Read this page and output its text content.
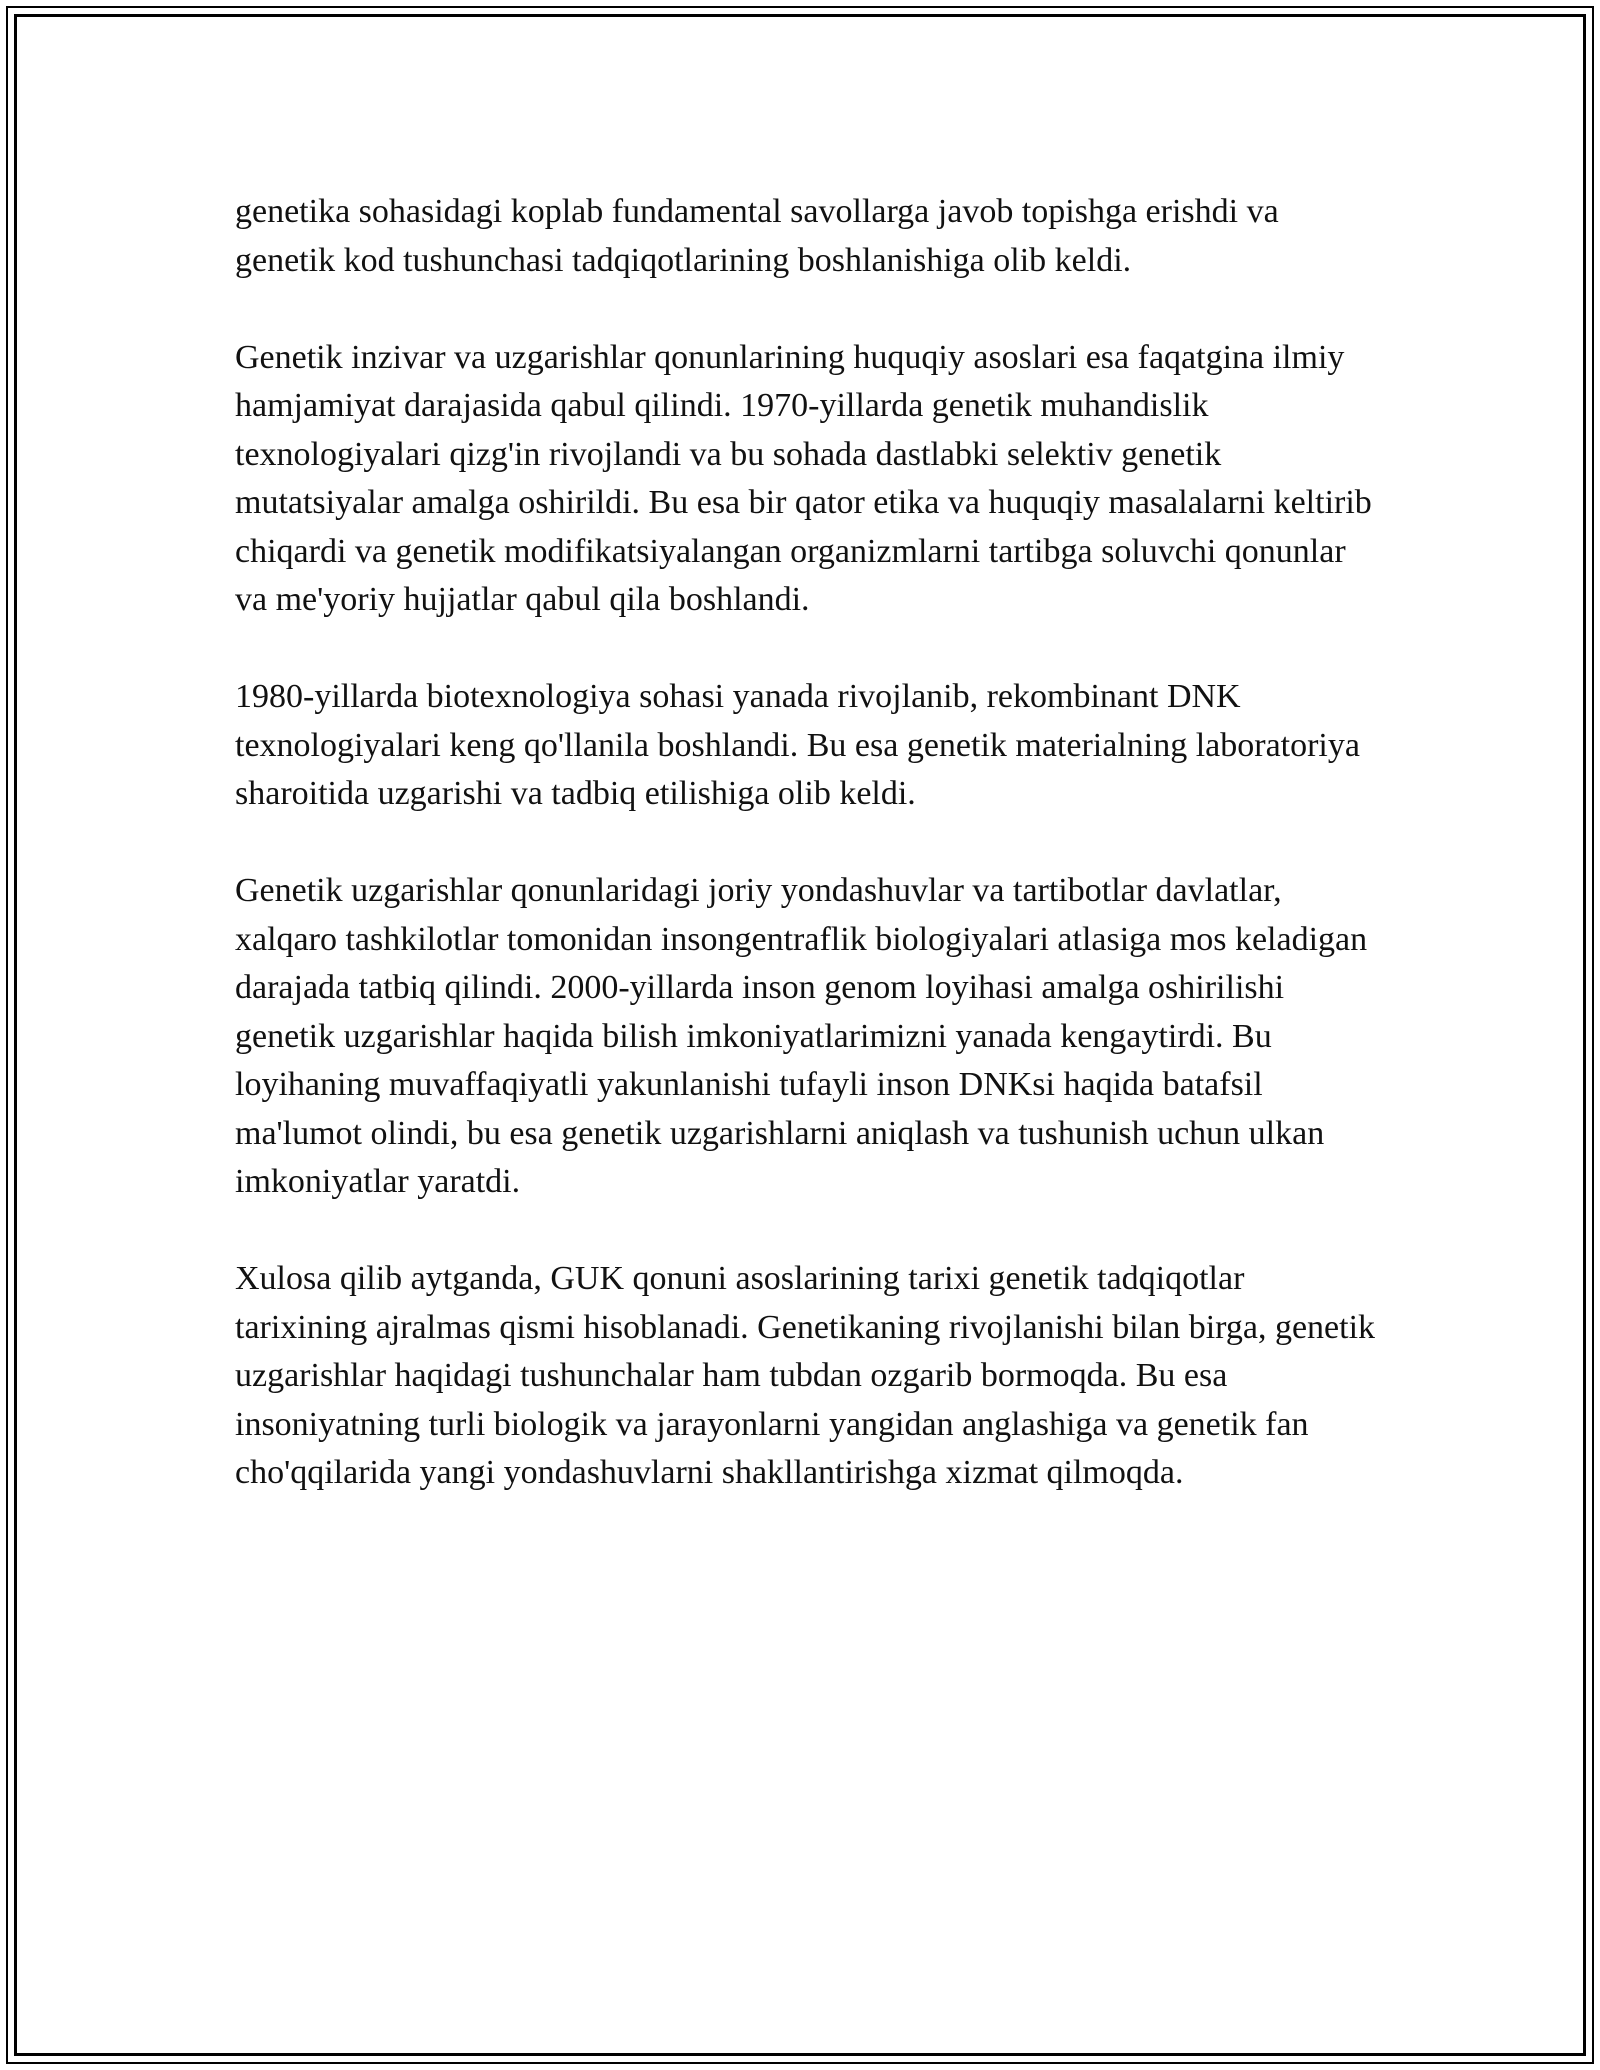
genetika sohasidagi koplab fundamental savollarga javob topishga erishdi va genetik kod tushunchasi tadqiqotlarining boshlanishiga olib keldi.

Genetik inzivar va uzgarishlar qonunlarining huquqiy asoslari esa faqatgina ilmiy hamjamiyat darajasida qabul qilindi. 1970-yillarda genetik muhandislik texnologiyalari qizg'in rivojlandi va bu sohada dastlabki selektiv genetik mutatsiyalar amalga oshirildi. Bu esa bir qator etika va huquqiy masalalarni keltirib chiqardi va genetik modifikatsiyalangan organizmlarni tartibga soluvchi qonunlar va me'yoriy hujjatlar qabul qila boshlandi.

1980-yillarda biotexnologiya sohasi yanada rivojlanib, rekombinant DNK texnologiyalari keng qo'llanila boshlandi. Bu esa genetik materialning laboratoriya sharoitida uzgarishi va tadbiq etilishiga olib keldi.

Genetik uzgarishlar qonunlaridagi joriy yondashuvlar va tartibotlar davlatlar, xalqaro tashkilotlar tomonidan insongentraflik biologiyalari atlasiga mos keladigan darajada tatbiq qilindi. 2000-yillarda inson genom loyihasi amalga oshirilishi genetik uzgarishlar haqida bilish imkoniyatlarimizni yanada kengaytirdi. Bu loyihaning muvaffaqiyatli yakunlanishi tufayli inson DNKsi haqida batafsil ma'lumot olindi, bu esa genetik uzgarishlarni aniqlash va tushunish uchun ulkan imkoniyatlar yaratdi.

Xulosa qilib aytganda, GUK qonuni asoslarining tarixi genetik tadqiqotlar tarixining ajralmas qismi hisoblanadi. Genetikaning rivojlanishi bilan birga, genetik uzgarishlar haqidagi tushunchalar ham tubdan ozgarib bormoqda. Bu esa insoniyatning turli biologik va jarayonlarni yangidan anglashiga va genetik fan cho'qqilarida yangi yondashuvlarni shakllantirishga xizmat qilmoqda.
